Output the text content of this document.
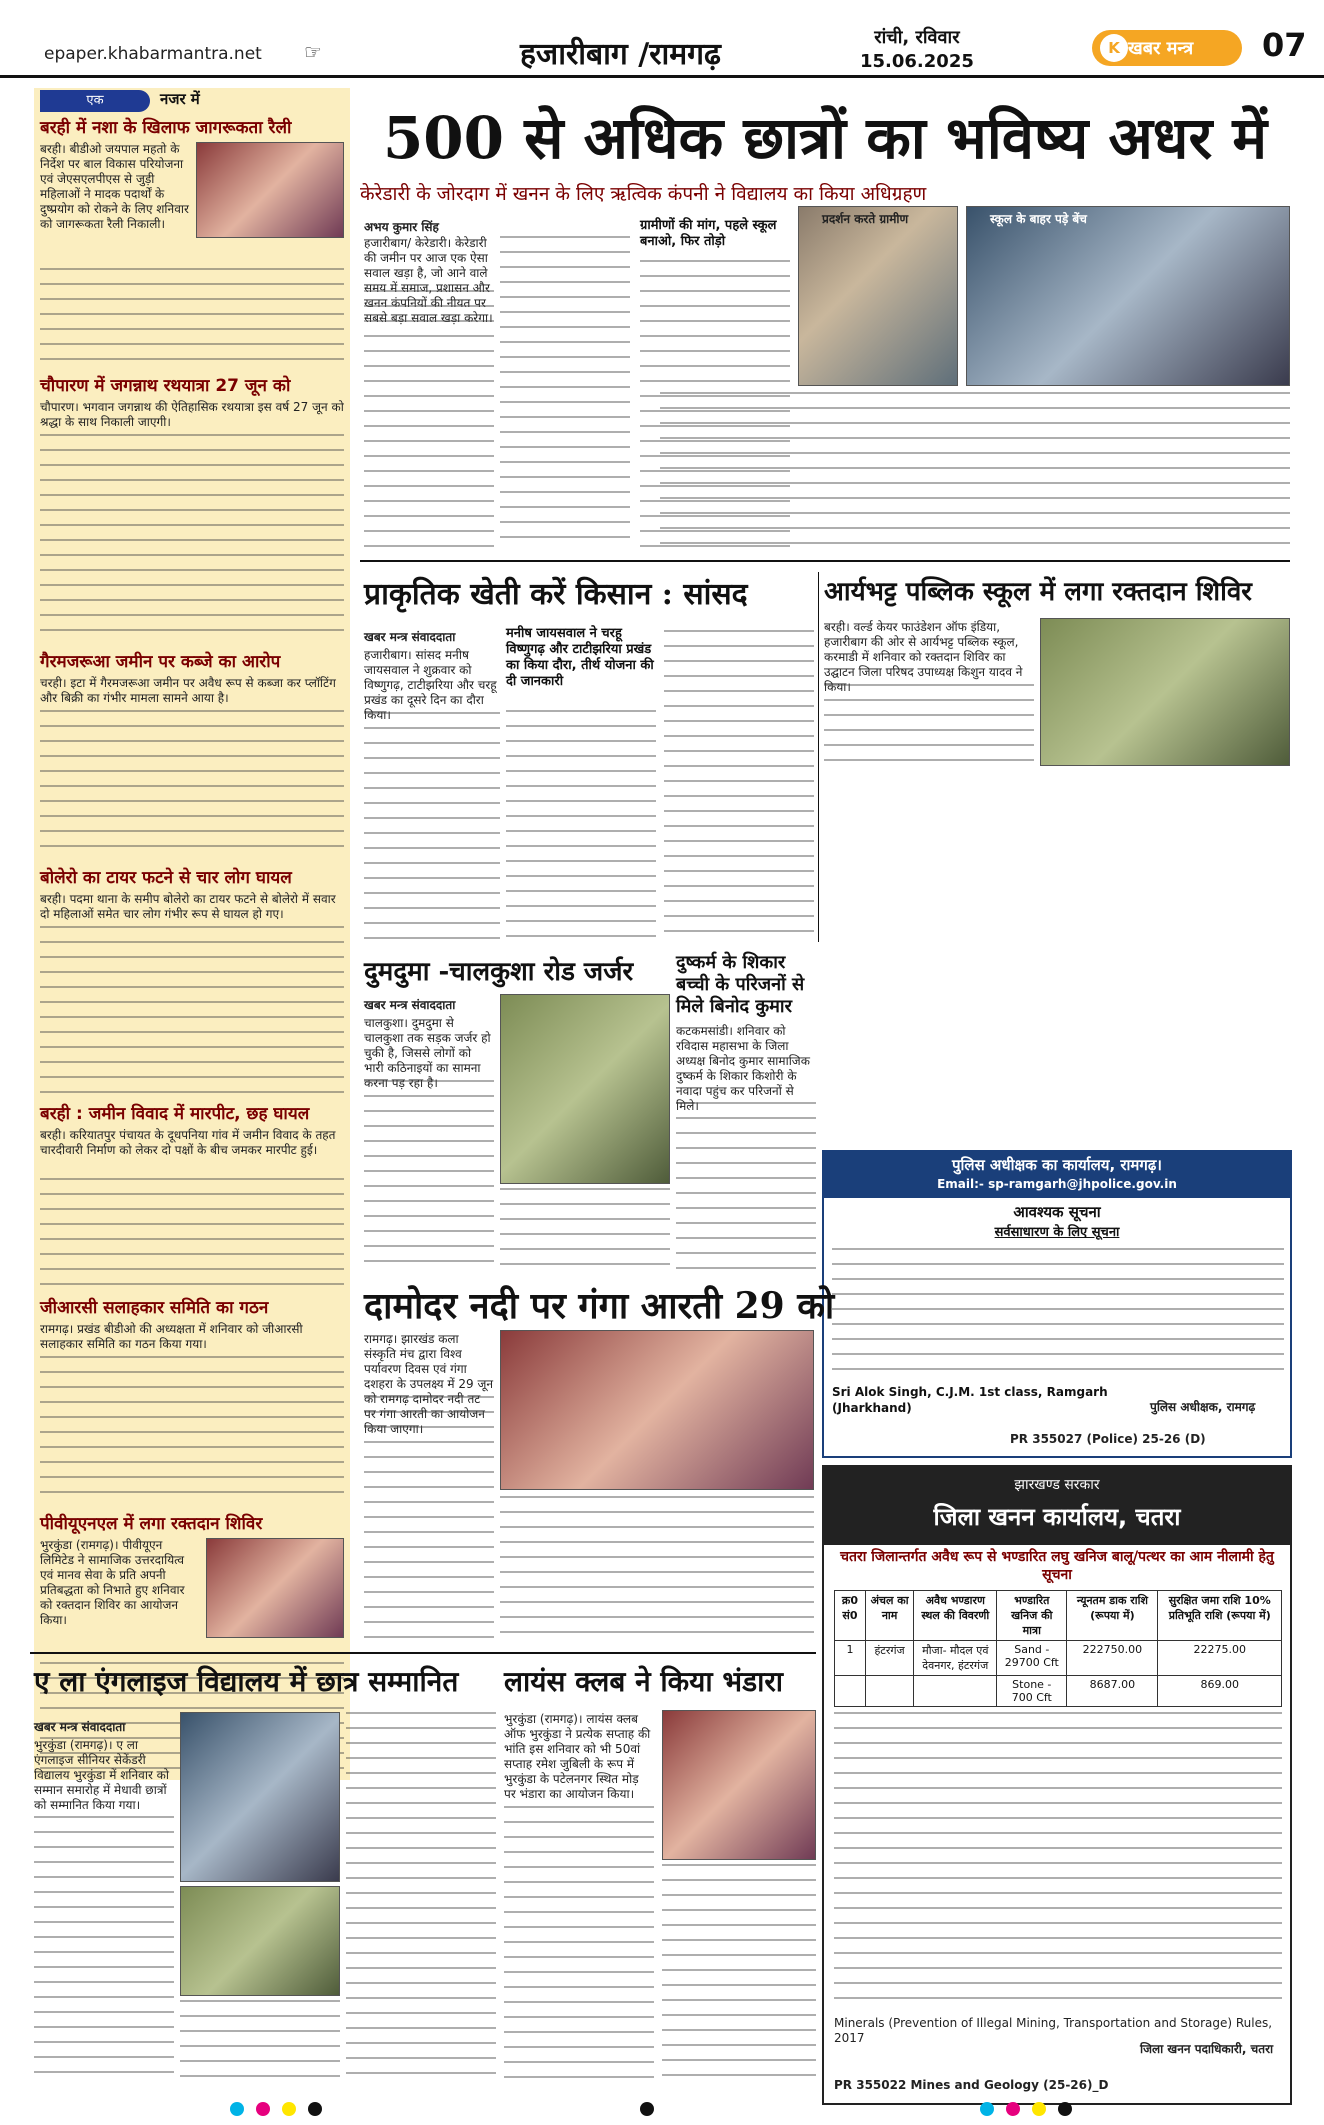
epaper.khabarmantra.net ☞	हजारीबाग /रामगढ़	रांची, रविवार
15.06.2025
खबर मन्त्र
K	07
एक	नजर में
बरही में नशा के खिलाफ जागरूकता रैली
बरही। बीडीओ जयपाल महतो के निर्देश पर बाल विकास परियोजना एवं जेएसएलपीएस से जुड़ी महिलाओं ने मादक पदार्थों के दुष्प्रयोग को रोकने के लिए शनिवार को जागरूकता रैली निकाली।
चौपारण में जगन्नाथ रथयात्रा 27 जून को
चौपारण। भगवान जगन्नाथ की ऐतिहासिक रथयात्रा इस वर्ष 27 जून को श्रद्धा के साथ निकाली जाएगी।
गैरमजरूआ जमीन पर कब्जे का आरोप
चरही। इटा में गैरमजरूआ जमीन पर अवैध रूप से कब्जा कर प्लॉटिंग और बिक्री का गंभीर मामला सामने आया है।
बोलेरो का टायर फटने से चार लोग घायल
बरही। पदमा थाना के समीप बोलेरो का टायर फटने से बोलेरो में सवार दो महिलाओं समेत चार लोग गंभीर रूप से घायल हो गए।
बरही : जमीन विवाद में मारपीट, छह घायल
बरही। करियातपुर पंचायत के दूधपनिया गांव में जमीन विवाद के तहत चारदीवारी निर्माण को लेकर दो पक्षों के बीच जमकर मारपीट हुई।
जीआरसी सलाहकार समिति का गठन
रामगढ़। प्रखंड बीडीओ की अध्यक्षता में शनिवार को जीआरसी सलाहकार समिति का गठन किया गया।
पीवीयूएनएल में लगा रक्तदान शिविर
भुरकुंडा (रामगढ़)। पीवीयूएन लिमिटेड ने सामाजिक उत्तरदायित्व एवं मानव सेवा के प्रति अपनी प्रतिबद्धता को निभाते हुए शनिवार को रक्तदान शिविर का आयोजन किया।
500 से अधिक छात्रों का भविष्य अधर में
केरेडारी के जोरदाग में खनन के लिए ऋत्विक कंपनी ने विद्यालय का किया अधिग्रहण
अभय कुमार सिंह
हजारीबाग/ केरेडारी। केरेडारी की जमीन पर आज एक ऐसा सवाल खड़ा है, जो आने वाले समय में समाज, प्रशासन और खनन कंपनियों की नीयत पर सबसे बड़ा सवाल खड़ा करेगा।
ग्रामीणों की मांग, पहले स्कूल बनाओ, फिर तोड़ो
प्रदर्शन करते ग्रामीण	स्कूल के बाहर पड़े बेंच
प्राकृतिक खेती करें किसान : सांसद
खबर मन्त्र संवाददाता	मनीष जायसवाल ने चरहू विष्णुगढ़ और टाटीझरिया प्रखंड का किया दौरा, तीर्थ योजना की दी जानकारी
हजारीबाग। सांसद मनीष जायसवाल ने शुक्रवार को विष्णुगढ़, टाटीझरिया और चरहू प्रखंड का दूसरे दिन का दौरा किया।
आर्यभट्ट पब्लिक स्कूल में लगा रक्तदान शिविर
बरही। वर्ल्ड केयर फाउंडेशन ऑफ इंडिया, हजारीबाग की ओर से आर्यभट्ट पब्लिक स्कूल, करमाडी में शनिवार को रक्तदान शिविर का उद्घाटन जिला परिषद उपाध्यक्ष किशुन यादव ने किया।
दुमदुमा -चालकुशा रोड जर्जर
खबर मन्त्र संवाददाता
चालकुशा। दुमदुमा से चालकुशा तक सड़क जर्जर हो चुकी है, जिससे लोगों को भारी कठिनाइयों का सामना करना पड़ रहा है।
दुष्कर्म के शिकार बच्ची के परिजनों से मिले बिनोद कुमार
कटकमसांडी। शनिवार को रविदास महासभा के जिला अध्यक्ष बिनोद कुमार सामाजिक दुष्कर्म के शिकार किशोरी के नवादा पहुंच कर परिजनों से मिले।
पुलिस अधीक्षक का कार्यालय, रामगढ़।
Email:- sp-ramgarh@jhpolice.gov.in
आवश्यक सूचना
सर्वसाधारण के लिए सूचना
Sri Alok Singh, C.J.M. 1st class, Ramgarh (Jharkhand)	पुलिस अधीक्षक, रामगढ़
PR 355027 (Police) 25-26 (D)
दामोदर नदी पर गंगा आरती 29 को
रामगढ़। झारखंड कला संस्कृति मंच द्वारा विश्व पर्यावरण दिवस एवं गंगा दशहरा के उपलक्ष्य में 29 जून को रामगढ़ दामोदर नदी तट पर गंगा आरती का आयोजन किया जाएगा।
ए ला एंगलाइज विद्यालय में छात्र सम्मानित
खबर मन्त्र संवाददाता
भुरकुंडा (रामगढ़)। ए ला एंगलाइज सीनियर सेकेंडरी विद्यालय भुरकुंडा में शनिवार को सम्मान समारोह में मेधावी छात्रों को सम्मानित किया गया।
लायंस क्लब ने किया भंडारा
भुरकुंडा (रामगढ़)। लायंस क्लब ऑफ भुरकुंडा ने प्रत्येक सप्ताह की भांति इस शनिवार को भी 50वां सप्ताह रमेश जुबिली के रूप में भुरकुंडा के पटेलनगर स्थित मोड़ पर भंडारा का आयोजन किया।
झारखण्ड सरकार
जिला खनन कार्यालय, चतरा
चतरा जिलान्तर्गत अवैध रूप से भण्डारित लघु खनिज बालू/पत्थर का आम नीलामी हेतु सूचना
क्र0 सं0	अंचल का नाम	अवैध भण्डारण स्थल की विवरणी	भण्डारित खनिज की मात्रा	न्यूनतम डाक राशि (रूपया में)	सुरक्षित जमा राशि 10% प्रतिभूति राशि (रूपया में)
1	हंटरगंज	मौजा- मौदल एवं देवनगर, हंटरगंज	Sand - 29700 Cft	222750.00	22275.00
			Stone - 700 Cft	8687.00	869.00
Minerals (Prevention of Illegal Mining, Transportation and Storage) Rules, 2017
जिला खनन पदाधिकारी, चतरा
PR 355022 Mines and Geology (25-26)_D
